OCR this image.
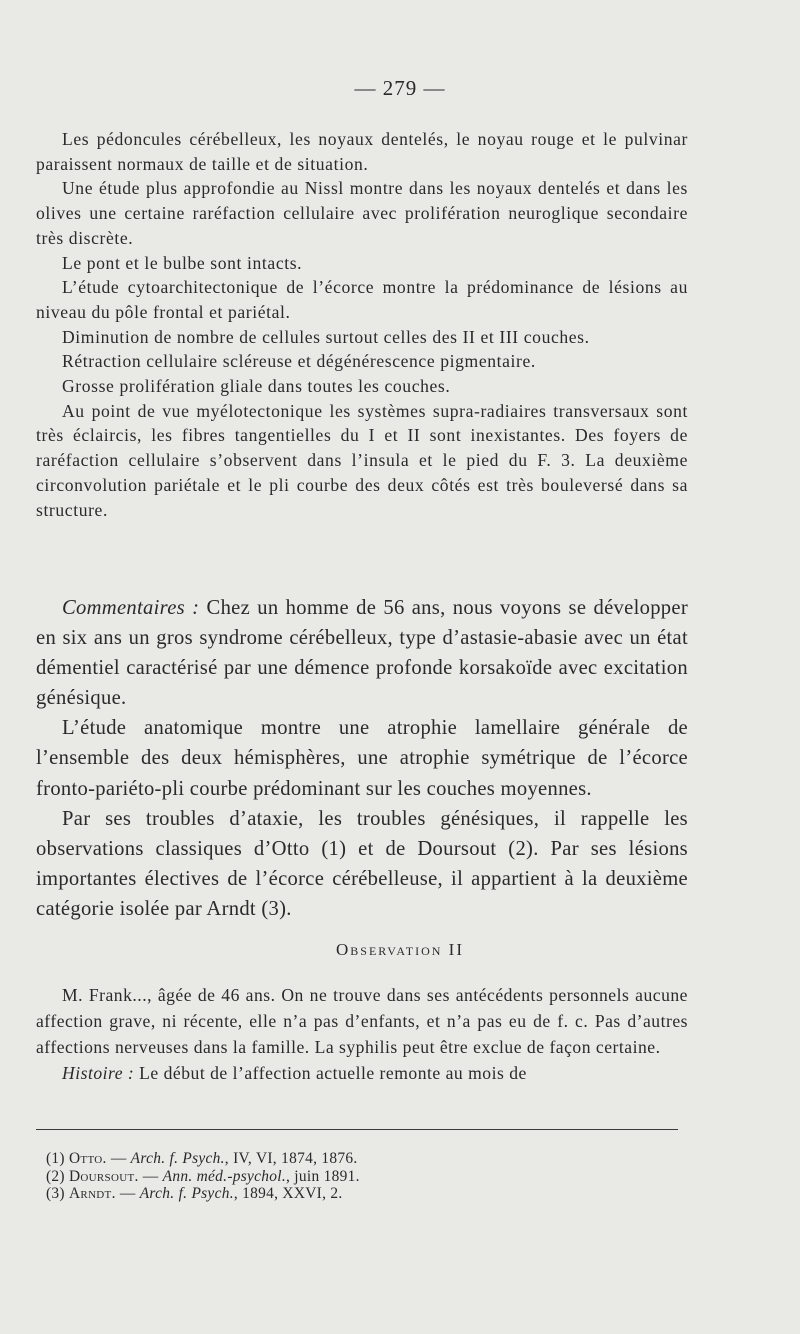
— 279 —

Les pédoncules cérébelleux, les noyaux dentelés, le noyau rouge et le pulvinar paraissent normaux de taille et de situation.

Une étude plus approfondie au Nissl montre dans les noyaux dentelés et dans les olives une certaine raréfaction cellulaire avec prolifération neuroglique secondaire très discrète.

Le pont et le bulbe sont intacts.

L’étude cytoarchitectonique de l’écorce montre la prédominance de lésions au niveau du pôle frontal et pariétal.

Diminution de nombre de cellules surtout celles des II et III couches.

Rétraction cellulaire scléreuse et dégénérescence pigmentaire.

Grosse prolifération gliale dans toutes les couches.

Au point de vue myélotectonique les systèmes supra-radiaires transversaux sont très éclaircis, les fibres tangentielles du I et II sont inexistantes. Des foyers de raréfaction cellulaire s’observent dans l’insula et le pied du F. 3. La deuxième circonvolution pariétale et le pli courbe des deux côtés est très bouleversé dans sa structure.

Commentaires : Chez un homme de 56 ans, nous voyons se développer en six ans un gros syndrome cérébelleux, type d’astasie-abasie avec un état démentiel caractérisé par une démence profonde korsakoïde avec excitation génésique.

L’étude anatomique montre une atrophie lamellaire générale de l’ensemble des deux hémisphères, une atrophie symétrique de l’écorce fronto-pariéto-pli courbe prédominant sur les couches moyennes.

Par ses troubles d’ataxie, les troubles génésiques, il rappelle les observations classiques d’Otto (1) et de Doursout (2). Par ses lésions importantes électives de l’écorce cérébelleuse, il appartient à la deuxième catégorie isolée par Arndt (3).

Observation II

M. Frank..., âgée de 46 ans. On ne trouve dans ses antécédents personnels aucune affection grave, ni récente, elle n’a pas d’enfants, et n’a pas eu de f. c. Pas d’autres affections nerveuses dans la famille. La syphilis peut être exclue de façon certaine.

Histoire : Le début de l’affection actuelle remonte au mois de

(1) Otto. — Arch. f. Psych., IV, VI, 1874, 1876.
(2) Doursout. — Ann. méd.-psychol., juin 1891.
(3) Arndt. — Arch. f. Psych., 1894, XXVI, 2.
